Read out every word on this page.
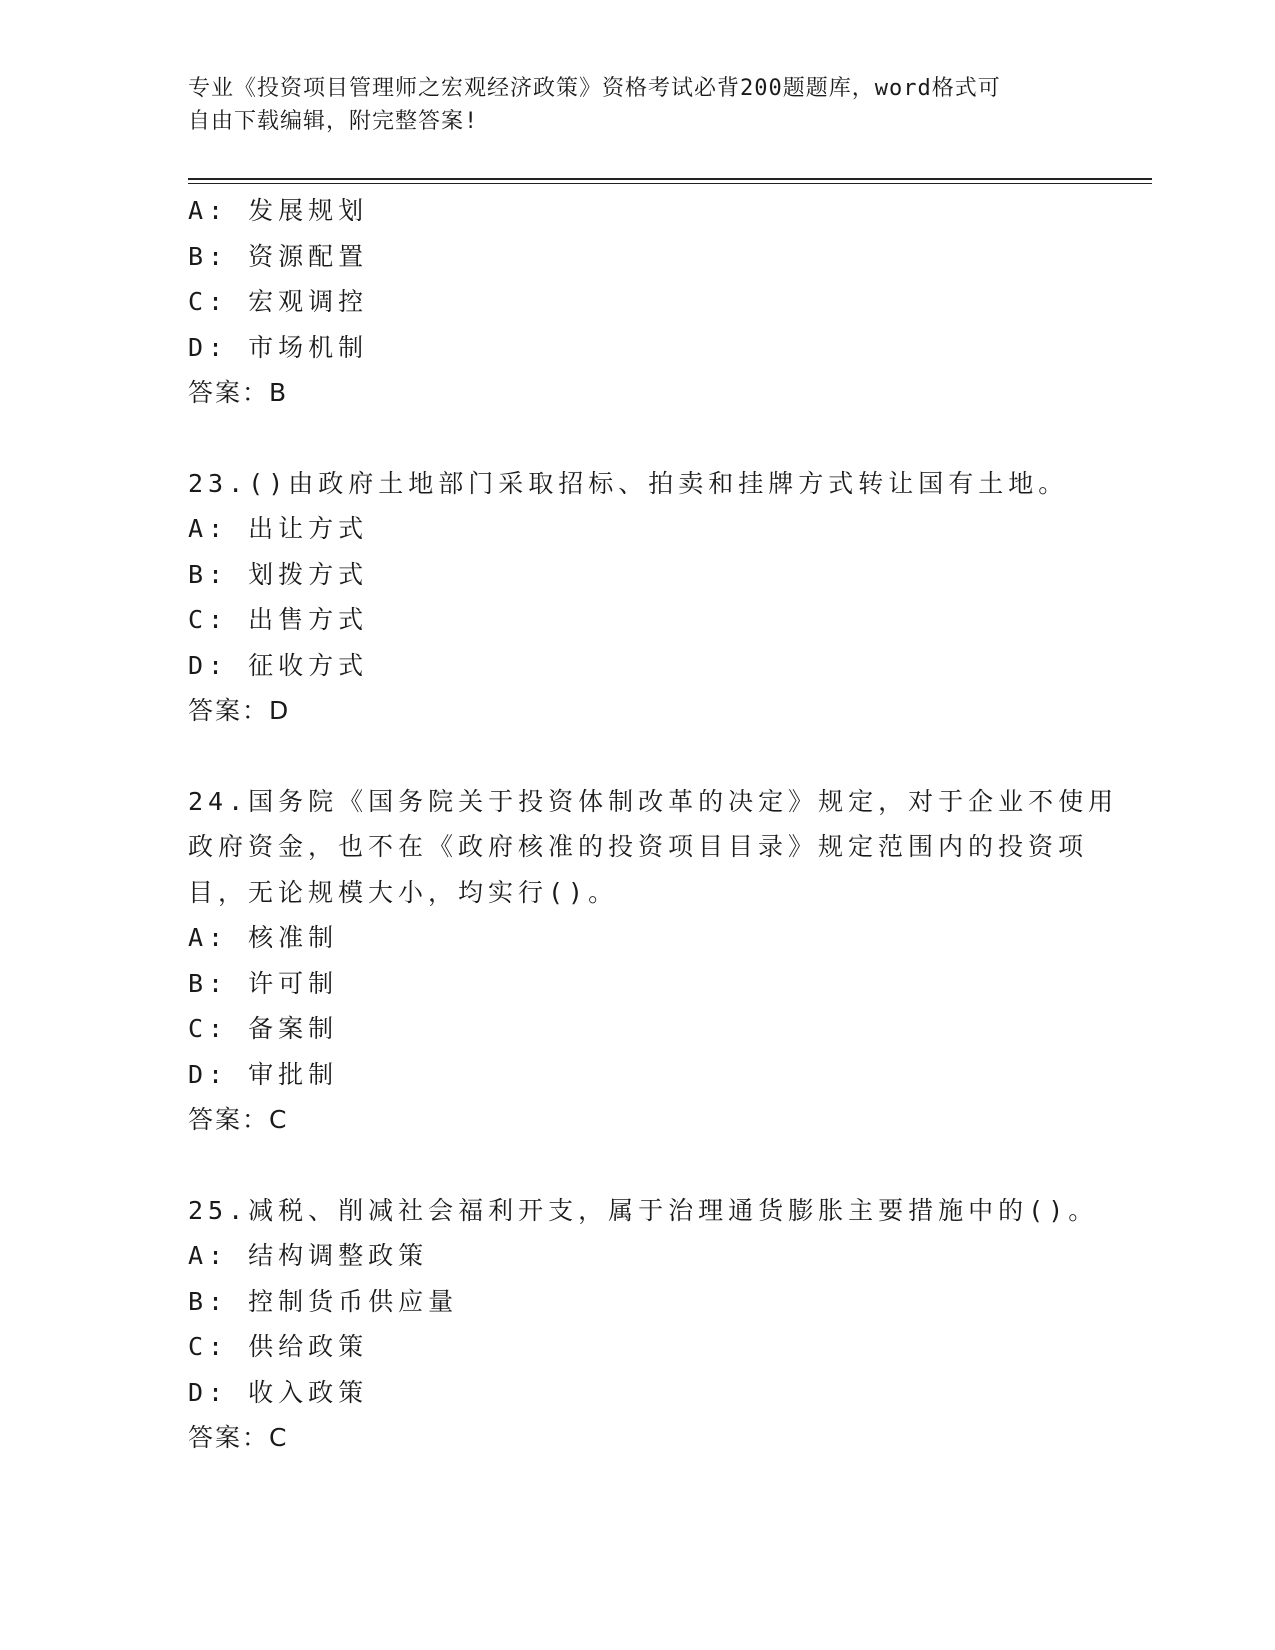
专业《投资项目管理师之宏观经济政策》资格考试必背200题题库，word格式可
自由下载编辑，附完整答案!
A: 发展规划
B: 资源配置
C: 宏观调控
D: 市场机制
答案：B
23.()由政府土地部门采取招标、拍卖和挂牌方式转让国有土地。
A: 出让方式
B: 划拨方式
C: 出售方式
D: 征收方式
答案：D
24.国务院《国务院关于投资体制改革的决定》规定，对于企业不使用
政府资金，也不在《政府核准的投资项目目录》规定范围内的投资项
目，无论规模大小，均实行()。
A: 核准制
B: 许可制
C: 备案制
D: 审批制
答案：C
25.减税、削减社会福利开支，属于治理通货膨胀主要措施中的()。
A: 结构调整政策
B: 控制货币供应量
C: 供给政策
D: 收入政策
答案：C
